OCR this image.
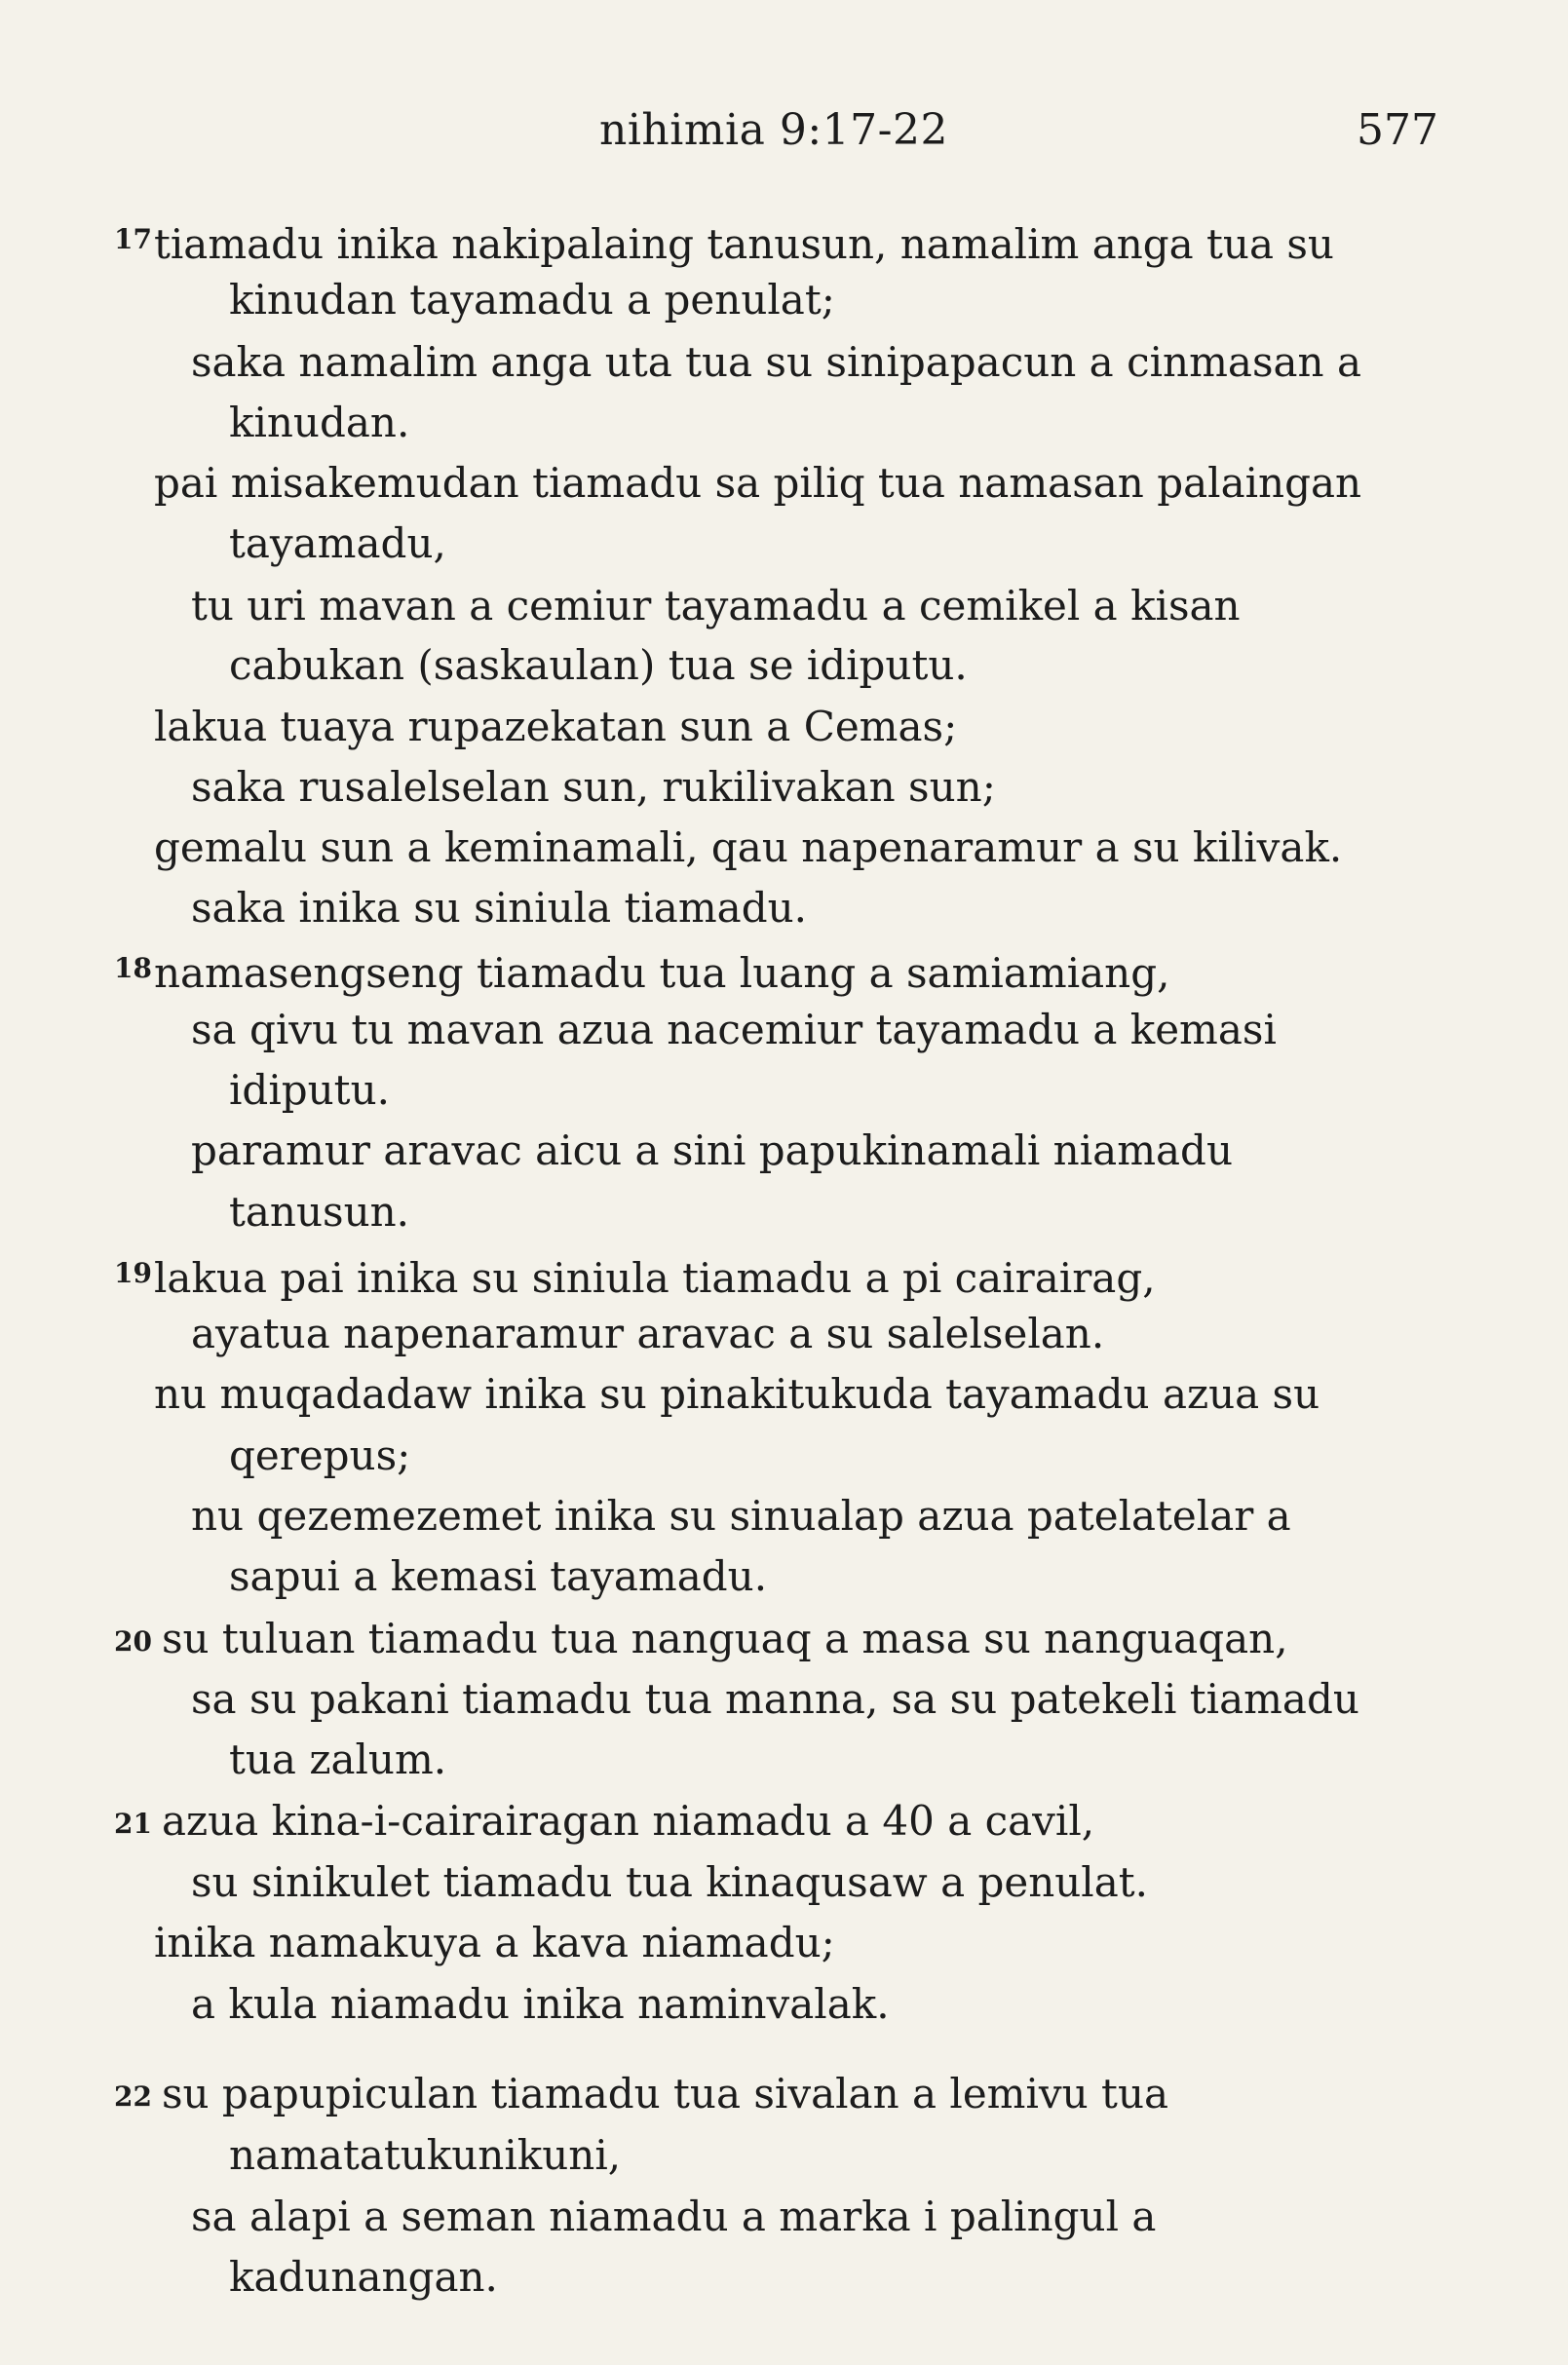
nihimia 9:17-22	577
$^{17}$tiamadu inika nakipalaing tanusun, namalim anga tua su
kinudan tayamadu a penulat;
saka namalim anga uta tua su sinipapacun a cinmasan a
kinudan.
pai misakemudan tiamadu sa piliq tua namasan palaingan
tayamadu,
tu uri mavan a cemiur tayamadu a cemikel a kisan
cabukan (saskaulan) tua se idiputu.
lakua tuaya rupazekatan sun a Cemas;
saka rusalelselan sun, rukilivakan sun;
gemalu sun a keminamali, qau napenaramur a su kilivak.
saka inika su siniula tiamadu.
$^{18}$namasengseng tiamadu tua luang a samiamiang,
sa qivu tu mavan azua nacemiur tayamadu a kemasi
idiputu.
paramur aravac aicu a sini papukinamali niamadu
tanusun.
$^{19}$lakua pai inika su siniula tiamadu a pi cairairag,
ayatua napenaramur aravac a su salelselan.
nu muqadadaw inika su pinakitukuda tayamadu azua su
qerepus;
nu qezemezemet inika su sinualap azua patelatelar a
sapui a kemasi tayamadu.
20 su tuluan tiamadu tua nanguaq a masa su nanguaqan,
sa su pakani tiamadu tua manna, sa su patekeli tiamadu
tua zalum.
21 azua kina-i-cairairagan niamadu a 40 a cavil,
su sinikulet tiamadu tua kinaqusaw a penulat.
inika namakuya a kava niamadu;
a kula niamadu inika naminvalak.
22 su papupiculan tiamadu tua sivalan a lemivu tua
namatatukunikuni,
sa alapi a seman niamadu a marka i palingul a
kadunangan.
